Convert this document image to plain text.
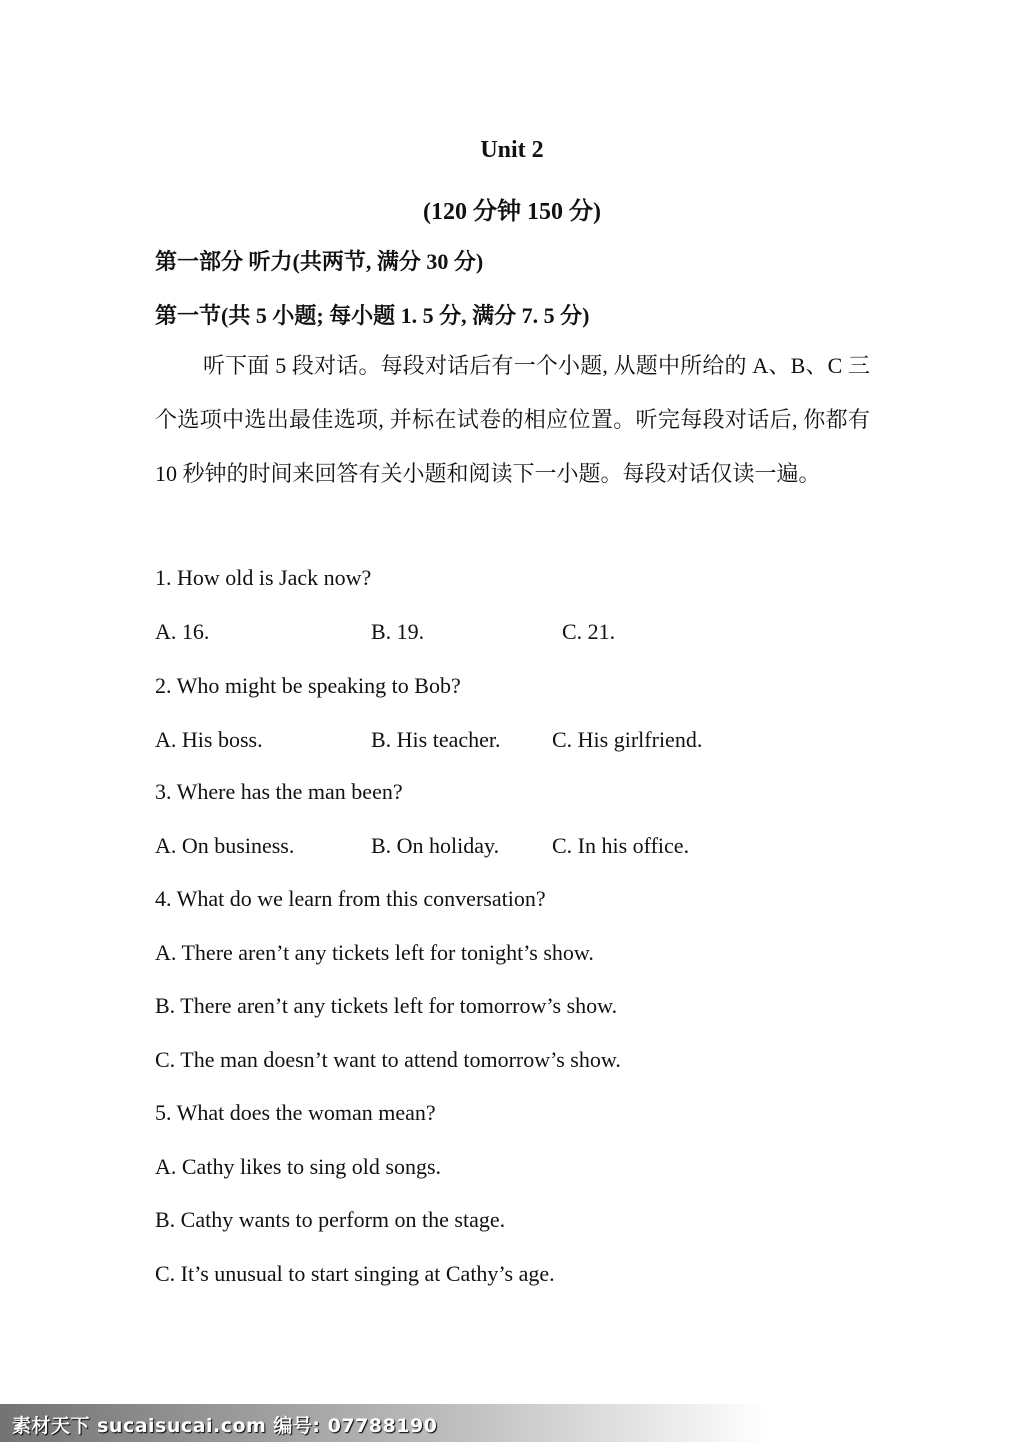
Unit 2
(120 分钟 150 分)
第一部分 听力(共两节, 满分 30 分)
第一节(共 5 小题; 每小题 1. 5 分, 满分 7. 5 分)
听下面 5 段对话。每段对话后有一个小题, 从题中所给的 A、B、C 三个选项中选出最佳选项, 并标在试卷的相应位置。听完每段对话后, 你都有 10 秒钟的时间来回答有关小题和阅读下一小题。每段对话仅读一遍。
1. How old is Jack now?
A. 16.	B. 19.	C. 21.
2. Who might be speaking to Bob?
A. His boss.	B. His teacher. C. His girlfriend.
3. Where has the man been?
A. On business.	B. On holiday. C. In his office.
4. What do we learn from this conversation?
A. There aren’t any tickets left for tonight’s show.
B. There aren’t any tickets left for tomorrow’s show.
C. The man doesn’t want to attend tomorrow’s show.
5. What does the woman mean?
A. Cathy likes to sing old songs.
B. Cathy wants to perform on the stage.
C. It’s unusual to start singing at Cathy’s age.
素材天下 sucaisucai.com 编号: 07788190
